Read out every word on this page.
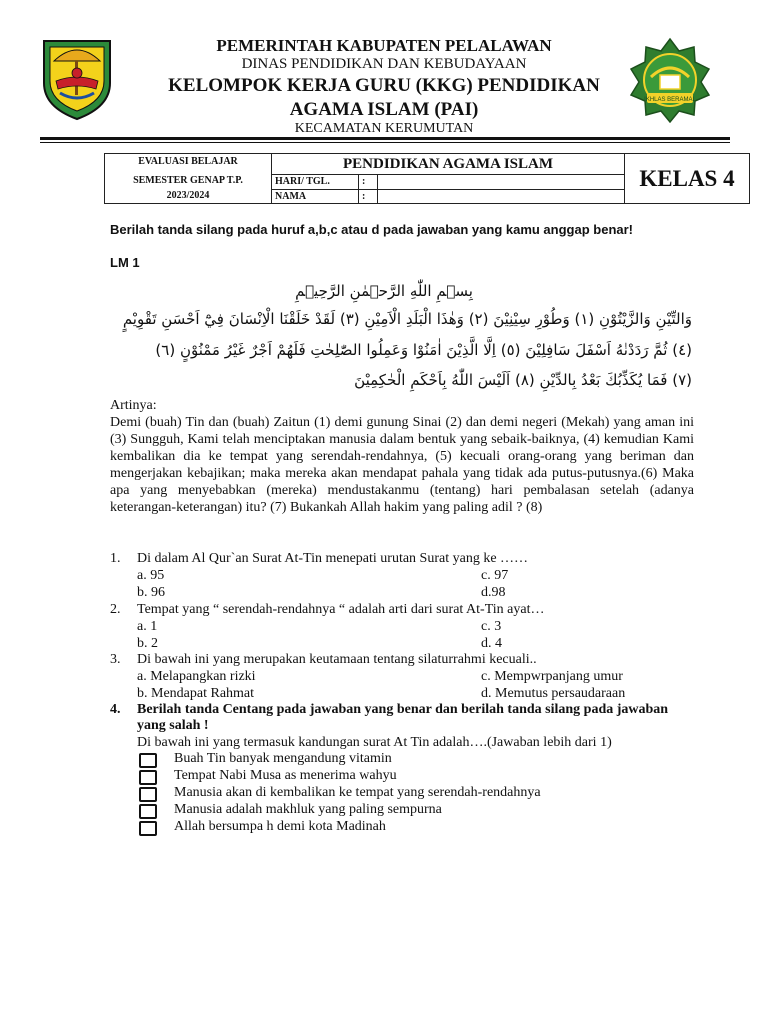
IKHLAS BERAMAL
PEMERINTAH KABUPATEN PELALAWAN
DINAS PENDIDIKAN DAN KEBUDAYAAN
KELOMPOK KERJA GURU (KKG) PENDIDIKAN
AGAMA ISLAM (PAI)
KECAMATAN KERUMUTAN
EVALUASI BELAJAR
SEMESTER GENAP T.P.
2023/2024	PENDIDIKAN AGAMA ISLAM			KELAS 4
	HARI/ TGL.	:		
	NAMA	:		
Berilah tanda silang pada huruf a,b,c atau d pada jawaban yang kamu anggap benar!
LM 1
بِسۡمِ اللّٰهِ الرَّحۡمٰنِ الرَّحِیۡمِ
وَالتِّيْنِ وَالزَّيْتُوْنِ (١) وَطُوْرِ سِيْنِيْنَ (٢) وَهٰذَا الْبَلَدِ الْاَمِيْنِ (٣) لَقَدْ خَلَقْنَا الْاِنْسَانَ فِيْٓ اَحْسَنِ تَقْوِيْمٍ
(٤) ثُمَّ رَدَدْنٰهُ اَسْفَلَ سَافِلِيْنَ (٥) اِلَّا الَّذِيْنَ اٰمَنُوْا وَعَمِلُوا الصّٰلِحٰتِ فَلَهُمْ اَجْرٌ غَيْرُ مَمْنُوْنٍ (٦)
(٧) فَمَا يُكَذِّبُكَ بَعْدُ بِالدِّيْنِ (٨) اَلَيْسَ اللّٰهُ بِاَحْكَمِ الْحٰكِمِيْنَ
Artinya:
Demi (buah) Tin dan (buah) Zaitun (1) demi gunung Sinai (2) dan demi negeri (Mekah) yang aman ini (3) Sungguh, Kami telah menciptakan manusia dalam bentuk yang sebaik-baiknya, (4) kemudian Kami kembalikan dia ke tempat yang serendah-rendahnya, (5) kecuali orang-orang yang beriman dan mengerjakan kebajikan; maka mereka akan mendapat pahala yang tidak ada putus-putusnya.(6) Maka apa yang menyebabkan (mereka) mendustakanmu (tentang) hari pembalasan setelah (adanya keterangan-keterangan) itu? (7) Bukankah Allah hakim yang paling adil ? (8)
1. Di dalam Al Qur`an Surat At-Tin menepati urutan Surat yang ke ……
a. 95	c. 97
b. 96	d.98
2. Tempat yang “ serendah-rendahnya “ adalah arti dari surat At-Tin ayat…
a. 1	c. 3
b. 2	d. 4
3. Di bawah ini yang merupakan keutamaan tentang silaturrahmi kecuali..
a. Melapangkan rizki	c. Mempwrpanjang umur
b. Mendapat Rahmat	d. Memutus persaudaraan
4. Berilah tanda Centang pada jawaban yang benar dan berilah tanda silang pada jawaban yang salah !
Di bawah ini yang termasuk kandungan surat At Tin adalah….(Jawaban lebih dari 1)
Buah Tin banyak mengandung vitamin
Tempat Nabi Musa as menerima wahyu
Manusia akan di kembalikan ke tempat yang serendah-rendahnya
Manusia adalah makhluk yang paling sempurna
Allah bersumpa h demi kota Madinah
